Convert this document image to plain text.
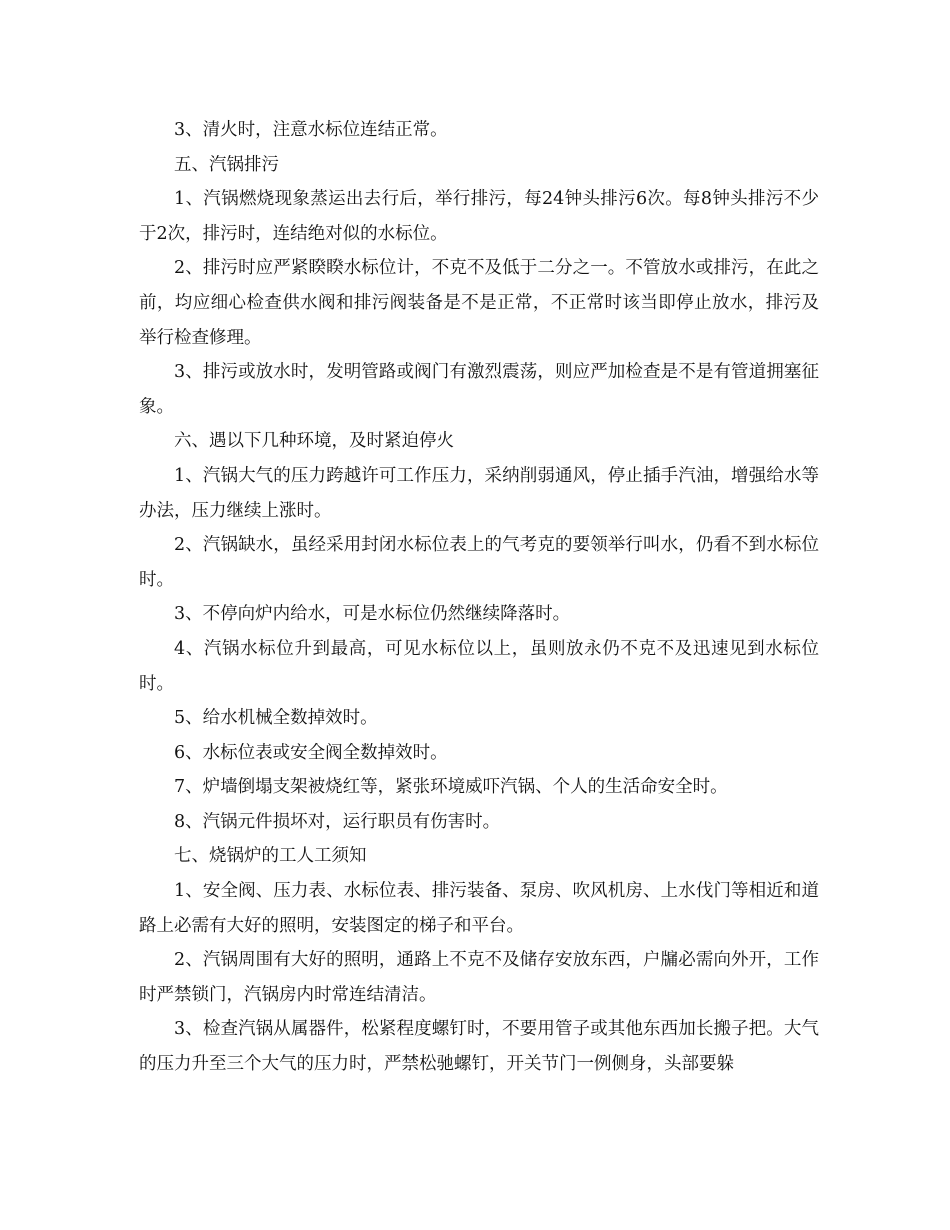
3、清火时，注意水标位连结正常。

五、汽锅排污

1、汽锅燃烧现象蒸运出去行后，举行排污，每24钟头排污6次。每8钟头排污不少于2次，排污时，连结绝对似的水标位。

2、排污时应严紧睽睽水标位计，不克不及低于二分之一。不管放水或排污，在此之前，均应细心检查供水阀和排污阀装备是不是正常，不正常时该当即停止放水，排污及举行检查修理。

3、排污或放水时，发明管路或阀门有激烈震荡，则应严加检查是不是有管道拥塞征象。

六、遇以下几种环境，及时紧迫停火

1、汽锅大气的压力跨越许可工作压力，采纳削弱通风，停止插手汽油，增强给水等办法，压力继续上涨时。

2、汽锅缺水，虽经采用封闭水标位表上的气考克的要领举行叫水，仍看不到水标位时。

3、不停向炉内给水，可是水标位仍然继续降落时。

4、汽锅水标位升到最高，可见水标位以上，虽则放永仍不克不及迅速见到水标位时。

5、给水机械全数掉效时。

6、水标位表或安全阀全数掉效时。

7、炉墙倒塌支架被烧红等，紧张环境威吓汽锅、个人的生活命安全时。

8、汽锅元件损坏对，运行职员有伤害时。

七、烧锅炉的工人工须知

1、安全阀、压力表、水标位表、排污装备、泵房、吹风机房、上水伐门等相近和道路上必需有大好的照明，安装图定的梯子和平台。

2、汽锅周围有大好的照明，通路上不克不及储存安放东西，户牖必需向外开，工作时严禁锁门，汽锅房内时常连结清洁。

3、检查汽锅从属器件，松紧程度螺钉时，不要用管子或其他东西加长搬子把。大气的压力升至三个大气的压力时，严禁松驰螺钉，开关节门一例侧身，头部要躲
